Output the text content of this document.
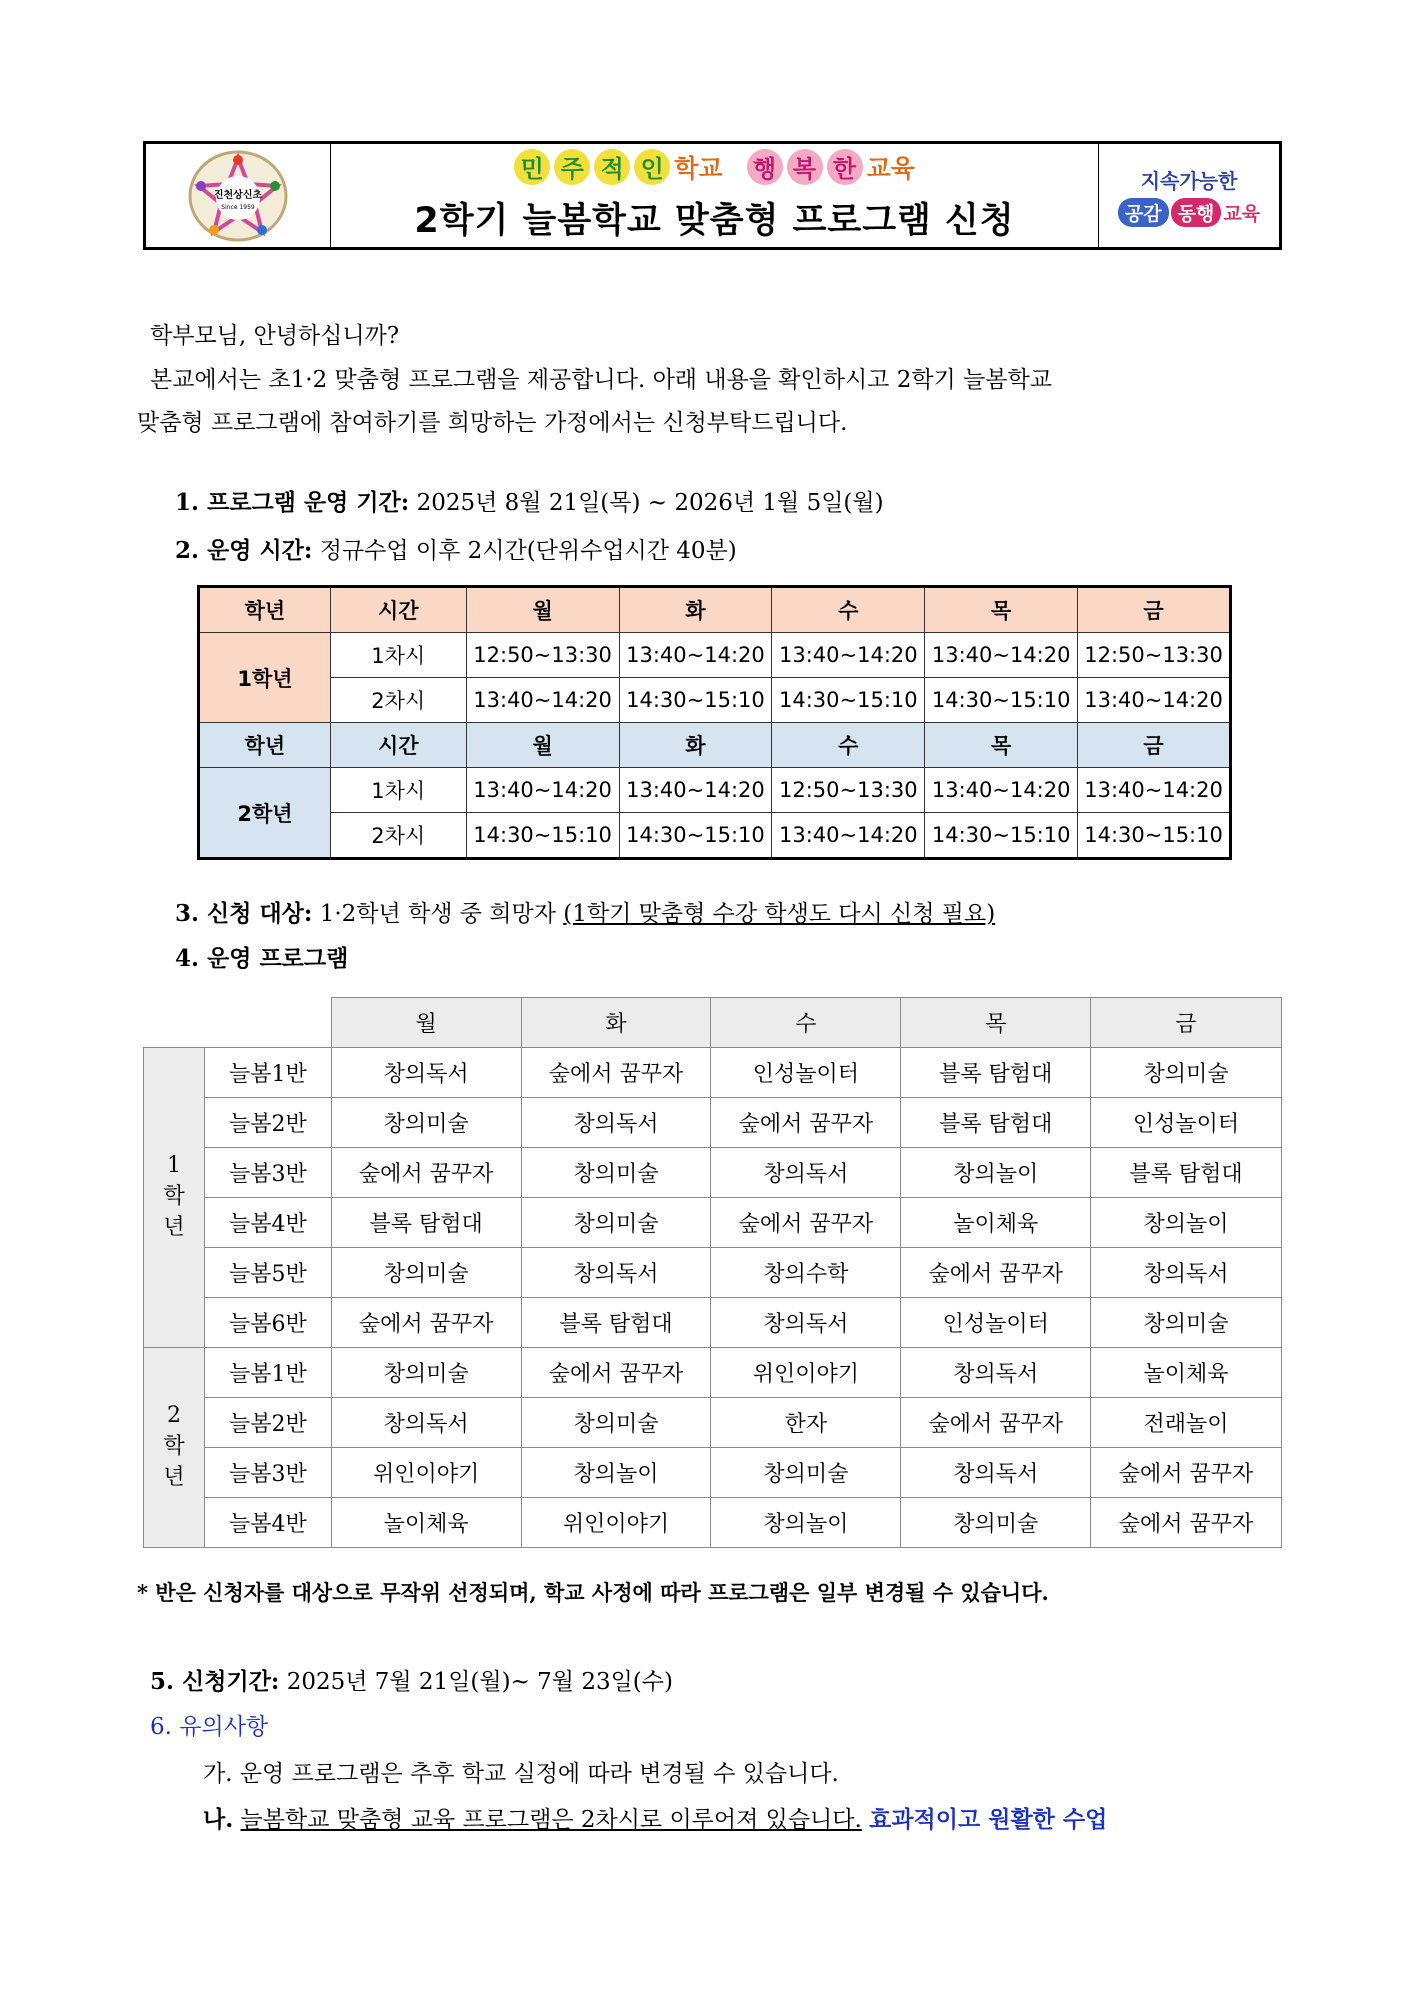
진천상신초
Since 1959
민 주 적 인 학교 행 복 한 교육
2학기 늘봄학교 맞춤형 프로그램 신청
지속가능한
공감 동행 교육
학부모님, 안녕하십니까?
본교에서는 초1·2 맞춤형 프로그램을 제공합니다. 아래 내용을 확인하시고 2학기 늘봄학교
맞춤형 프로그램에 참여하기를 희망하는 가정에서는 신청부탁드립니다.
1. 프로그램 운영 기간: 2025년 8월 21일(목) ~ 2026년 1월 5일(월)
2. 운영 시간: 정규수업 이후 2시간(단위수업시간 40분)
학년	시간	월	화	수	목	금
1학년	1차시	12:50~13:30	13:40~14:20	13:40~14:20	13:40~14:20	12:50~13:30
	2차시	13:40~14:20	14:30~15:10	14:30~15:10	14:30~15:10	13:40~14:20
학년	시간	월	화	수	목	금
2학년	1차시	13:40~14:20	13:40~14:20	12:50~13:30	13:40~14:20	13:40~14:20
	2차시	14:30~15:10	14:30~15:10	13:40~14:20	14:30~15:10	14:30~15:10
3. 신청 대상: 1·2학년 학생 중 희망자 (1학기 맞춤형 수강 학생도 다시 신청 필요)
4. 운영 프로그램
		월	화	수	목	금
1
학
년	늘봄1반	창의독서	숲에서 꿈꾸자	인성놀이터	블록 탐험대	창의미술
	늘봄2반	창의미술	창의독서	숲에서 꿈꾸자	블록 탐험대	인성놀이터
	늘봄3반	숲에서 꿈꾸자	창의미술	창의독서	창의놀이	블록 탐험대
	늘봄4반	블록 탐험대	창의미술	숲에서 꿈꾸자	놀이체육	창의놀이
	늘봄5반	창의미술	창의독서	창의수학	숲에서 꿈꾸자	창의독서
	늘봄6반	숲에서 꿈꾸자	블록 탐험대	창의독서	인성놀이터	창의미술
2
학
년	늘봄1반	창의미술	숲에서 꿈꾸자	위인이야기	창의독서	놀이체육
	늘봄2반	창의독서	창의미술	한자	숲에서 꿈꾸자	전래놀이
	늘봄3반	위인이야기	창의놀이	창의미술	창의독서	숲에서 꿈꾸자
	늘봄4반	놀이체육	위인이야기	창의놀이	창의미술	숲에서 꿈꾸자
* 반은 신청자를 대상으로 무작위 선정되며, 학교 사정에 따라 프로그램은 일부 변경될 수 있습니다.
5. 신청기간: 2025년 7월 21일(월)~ 7월 23일(수)
6. 유의사항
가. 운영 프로그램은 추후 학교 실정에 따라 변경될 수 있습니다.
나. 늘봄학교 맞춤형 교육 프로그램은 2차시로 이루어져 있습니다. 효과적이고 원활한 수업
